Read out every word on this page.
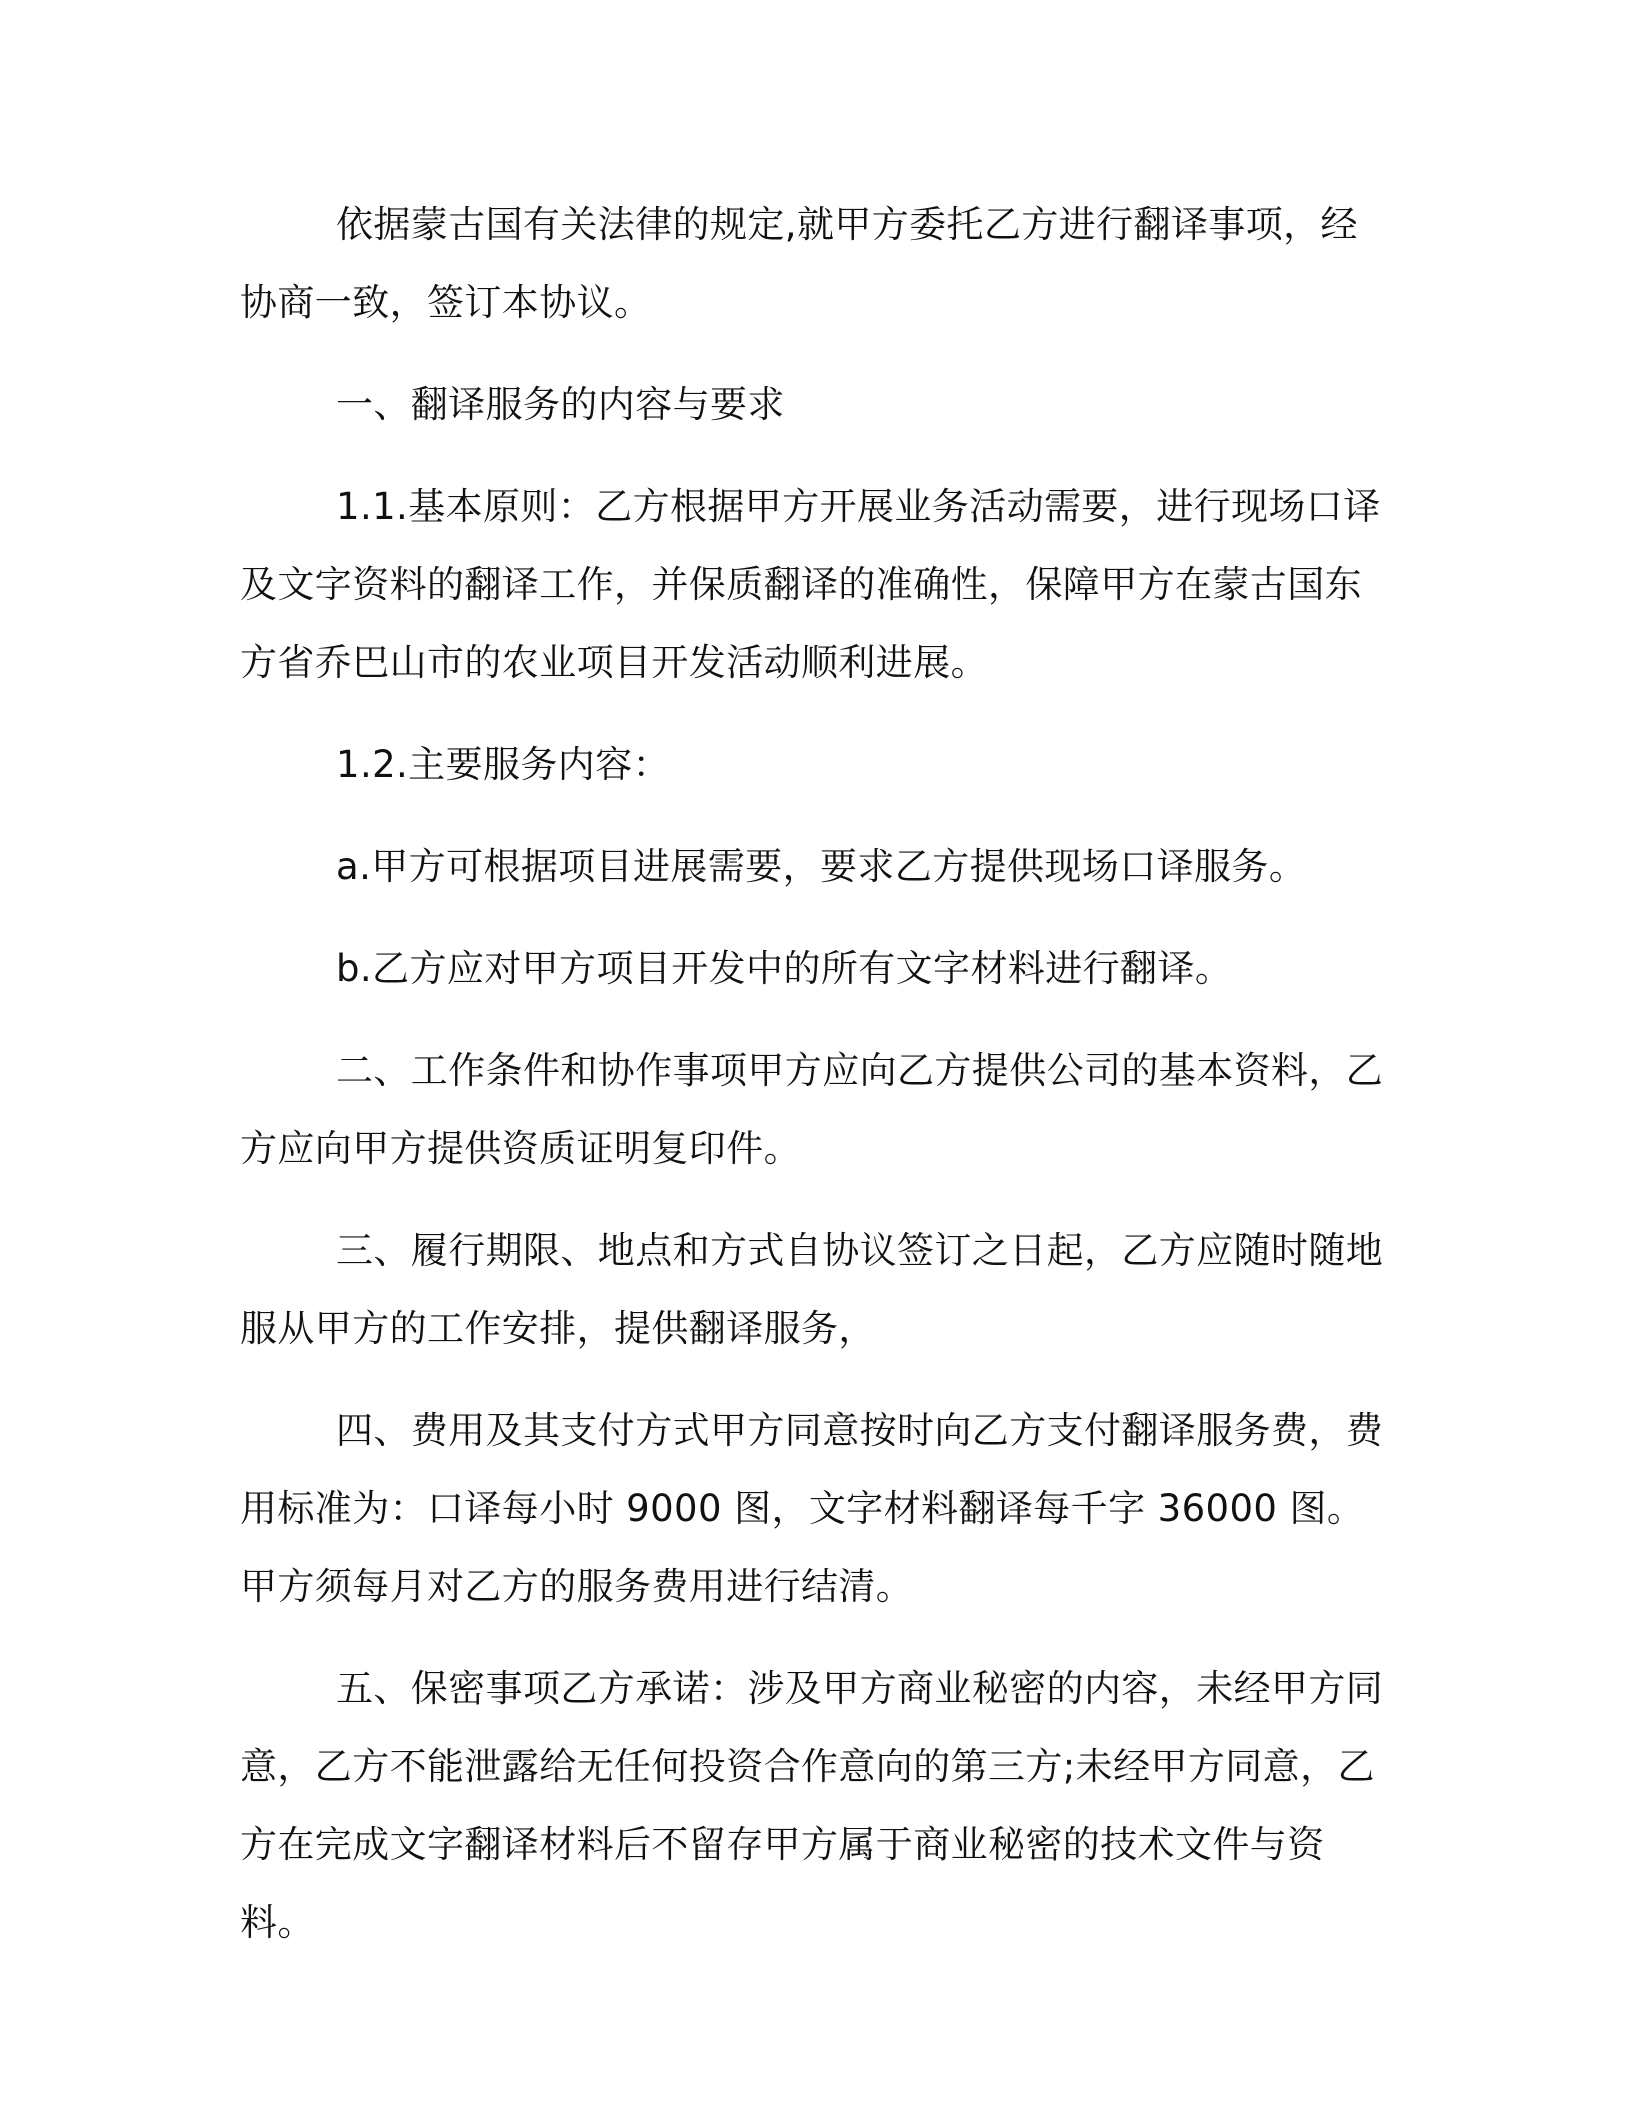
依据蒙古国有关法律的规定,就甲方委托乙方进行翻译事项，经协商一致，签订本协议。

一、翻译服务的内容与要求

1.1.基本原则：乙方根据甲方开展业务活动需要，进行现场口译及文字资料的翻译工作，并保质翻译的准确性，保障甲方在蒙古国东方省乔巴山市的农业项目开发活动顺利进展。

1.2.主要服务内容：

a.甲方可根据项目进展需要，要求乙方提供现场口译服务。

b.乙方应对甲方项目开发中的所有文字材料进行翻译。

二、工作条件和协作事项甲方应向乙方提供公司的基本资料，乙方应向甲方提供资质证明复印件。

三、履行期限、地点和方式自协议签订之日起，乙方应随时随地服从甲方的工作安排，提供翻译服务，

四、费用及其支付方式甲方同意按时向乙方支付翻译服务费，费用标准为：口译每小时 9000 图，文字材料翻译每千字 36000 图。甲方须每月对乙方的服务费用进行结清。

五、保密事项乙方承诺：涉及甲方商业秘密的内容，未经甲方同意，乙方不能泄露给无任何投资合作意向的第三方;未经甲方同意，乙方在完成文字翻译材料后不留存甲方属于商业秘密的技术文件与资料。
